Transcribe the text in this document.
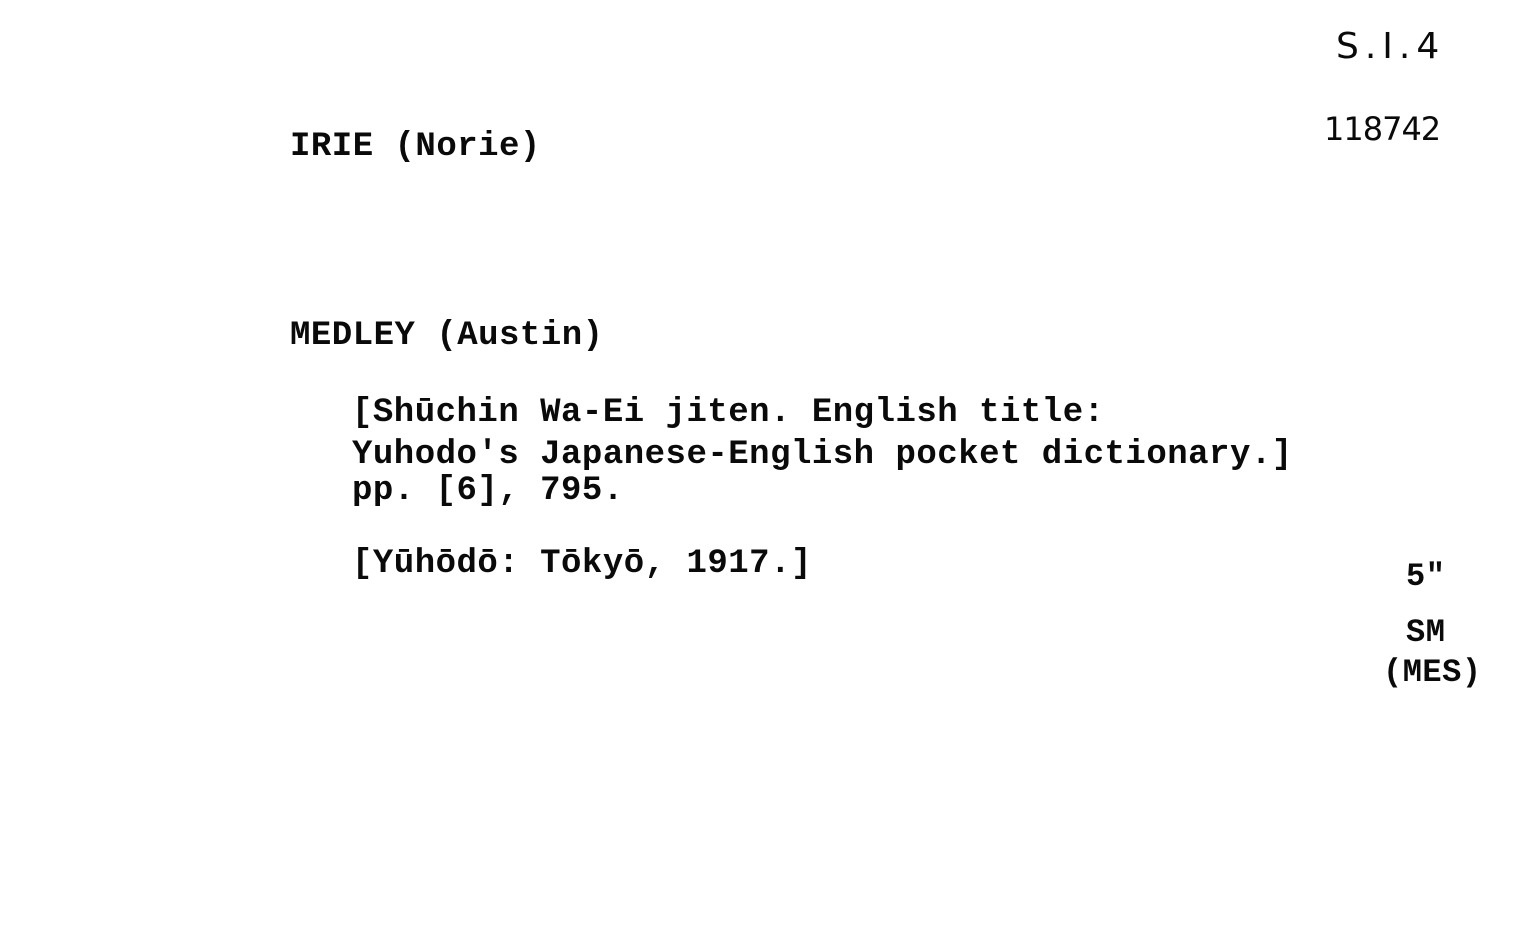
S.I.4
118742
IRIE (Norie)
MEDLEY (Austin)
[Shūchin Wa-Ei jiten. English title:
Yuhodo's Japanese-English pocket dictionary.]
pp. [6], 795.
[Yūhōdō: Tōkyō, 1917.]	5"
SM
(MES)
